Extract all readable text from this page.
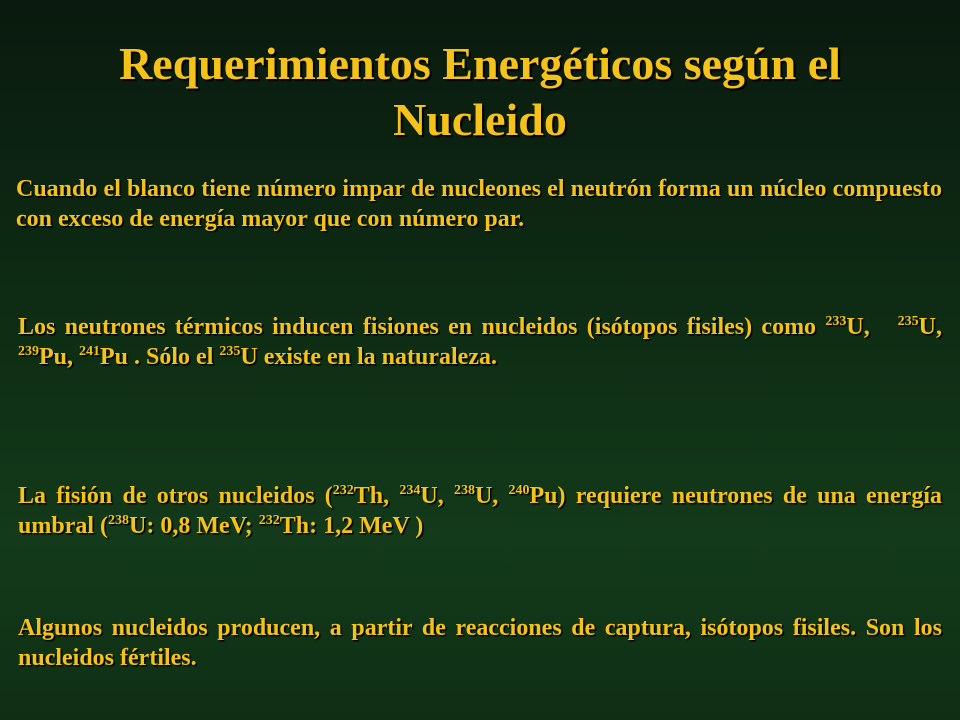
Requerimientos Energéticos según el
Nucleido

Cuando el blanco tiene número impar de nucleones el neutrón forma un núcleo compuesto con exceso de energía mayor que con número par.

Los neutrones térmicos inducen fisiones en nucleidos (isótopos fisiles) como $^{233}$U,   $^{235}$U, $^{239}$Pu, $^{241}$Pu . Sólo el $^{235}$U existe en la naturaleza.

La fisión de otros nucleidos ($^{232}$Th, $^{234}$U, $^{238}$U, $^{240}$Pu) requiere neutrones de una energía umbral ($^{238}$U: 0,8 MeV; $^{232}$Th: 1,2 MeV )

Algunos nucleidos producen, a partir de reacciones de captura, isótopos fisiles. Son los nucleidos fértiles.
